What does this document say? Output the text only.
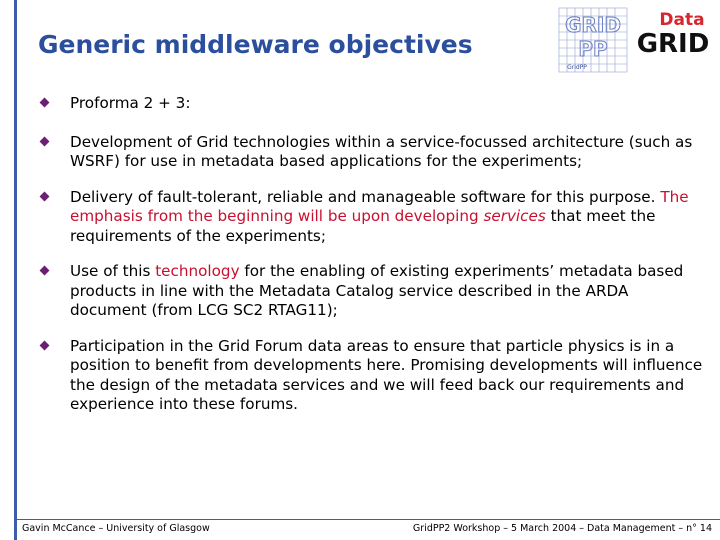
Generic middleware objectives
GRID
PP
GridPP
Data
GRID
Proforma 2 + 3:
Development of Grid technologies within a service-focussed architecture (such as WSRF) for use in metadata based applications for the experiments;
Delivery of fault-tolerant, reliable and manageable software for this purpose. The emphasis from the beginning will be upon developing services that meet the requirements of the experiments;
Use of this technology for the enabling of existing experiments’ metadata based products in line with the Metadata Catalog service described in the ARDA document (from LCG SC2 RTAG11);
Participation in the Grid Forum data areas to ensure that particle physics is in a position to benefit from developments here. Promising developments will influence the design of the metadata services and we will feed back our requirements and experience into these forums.
Gavin McCance – University of Glasgow	GridPP2 Workshop – 5 March 2004 – Data Management – n° 14
